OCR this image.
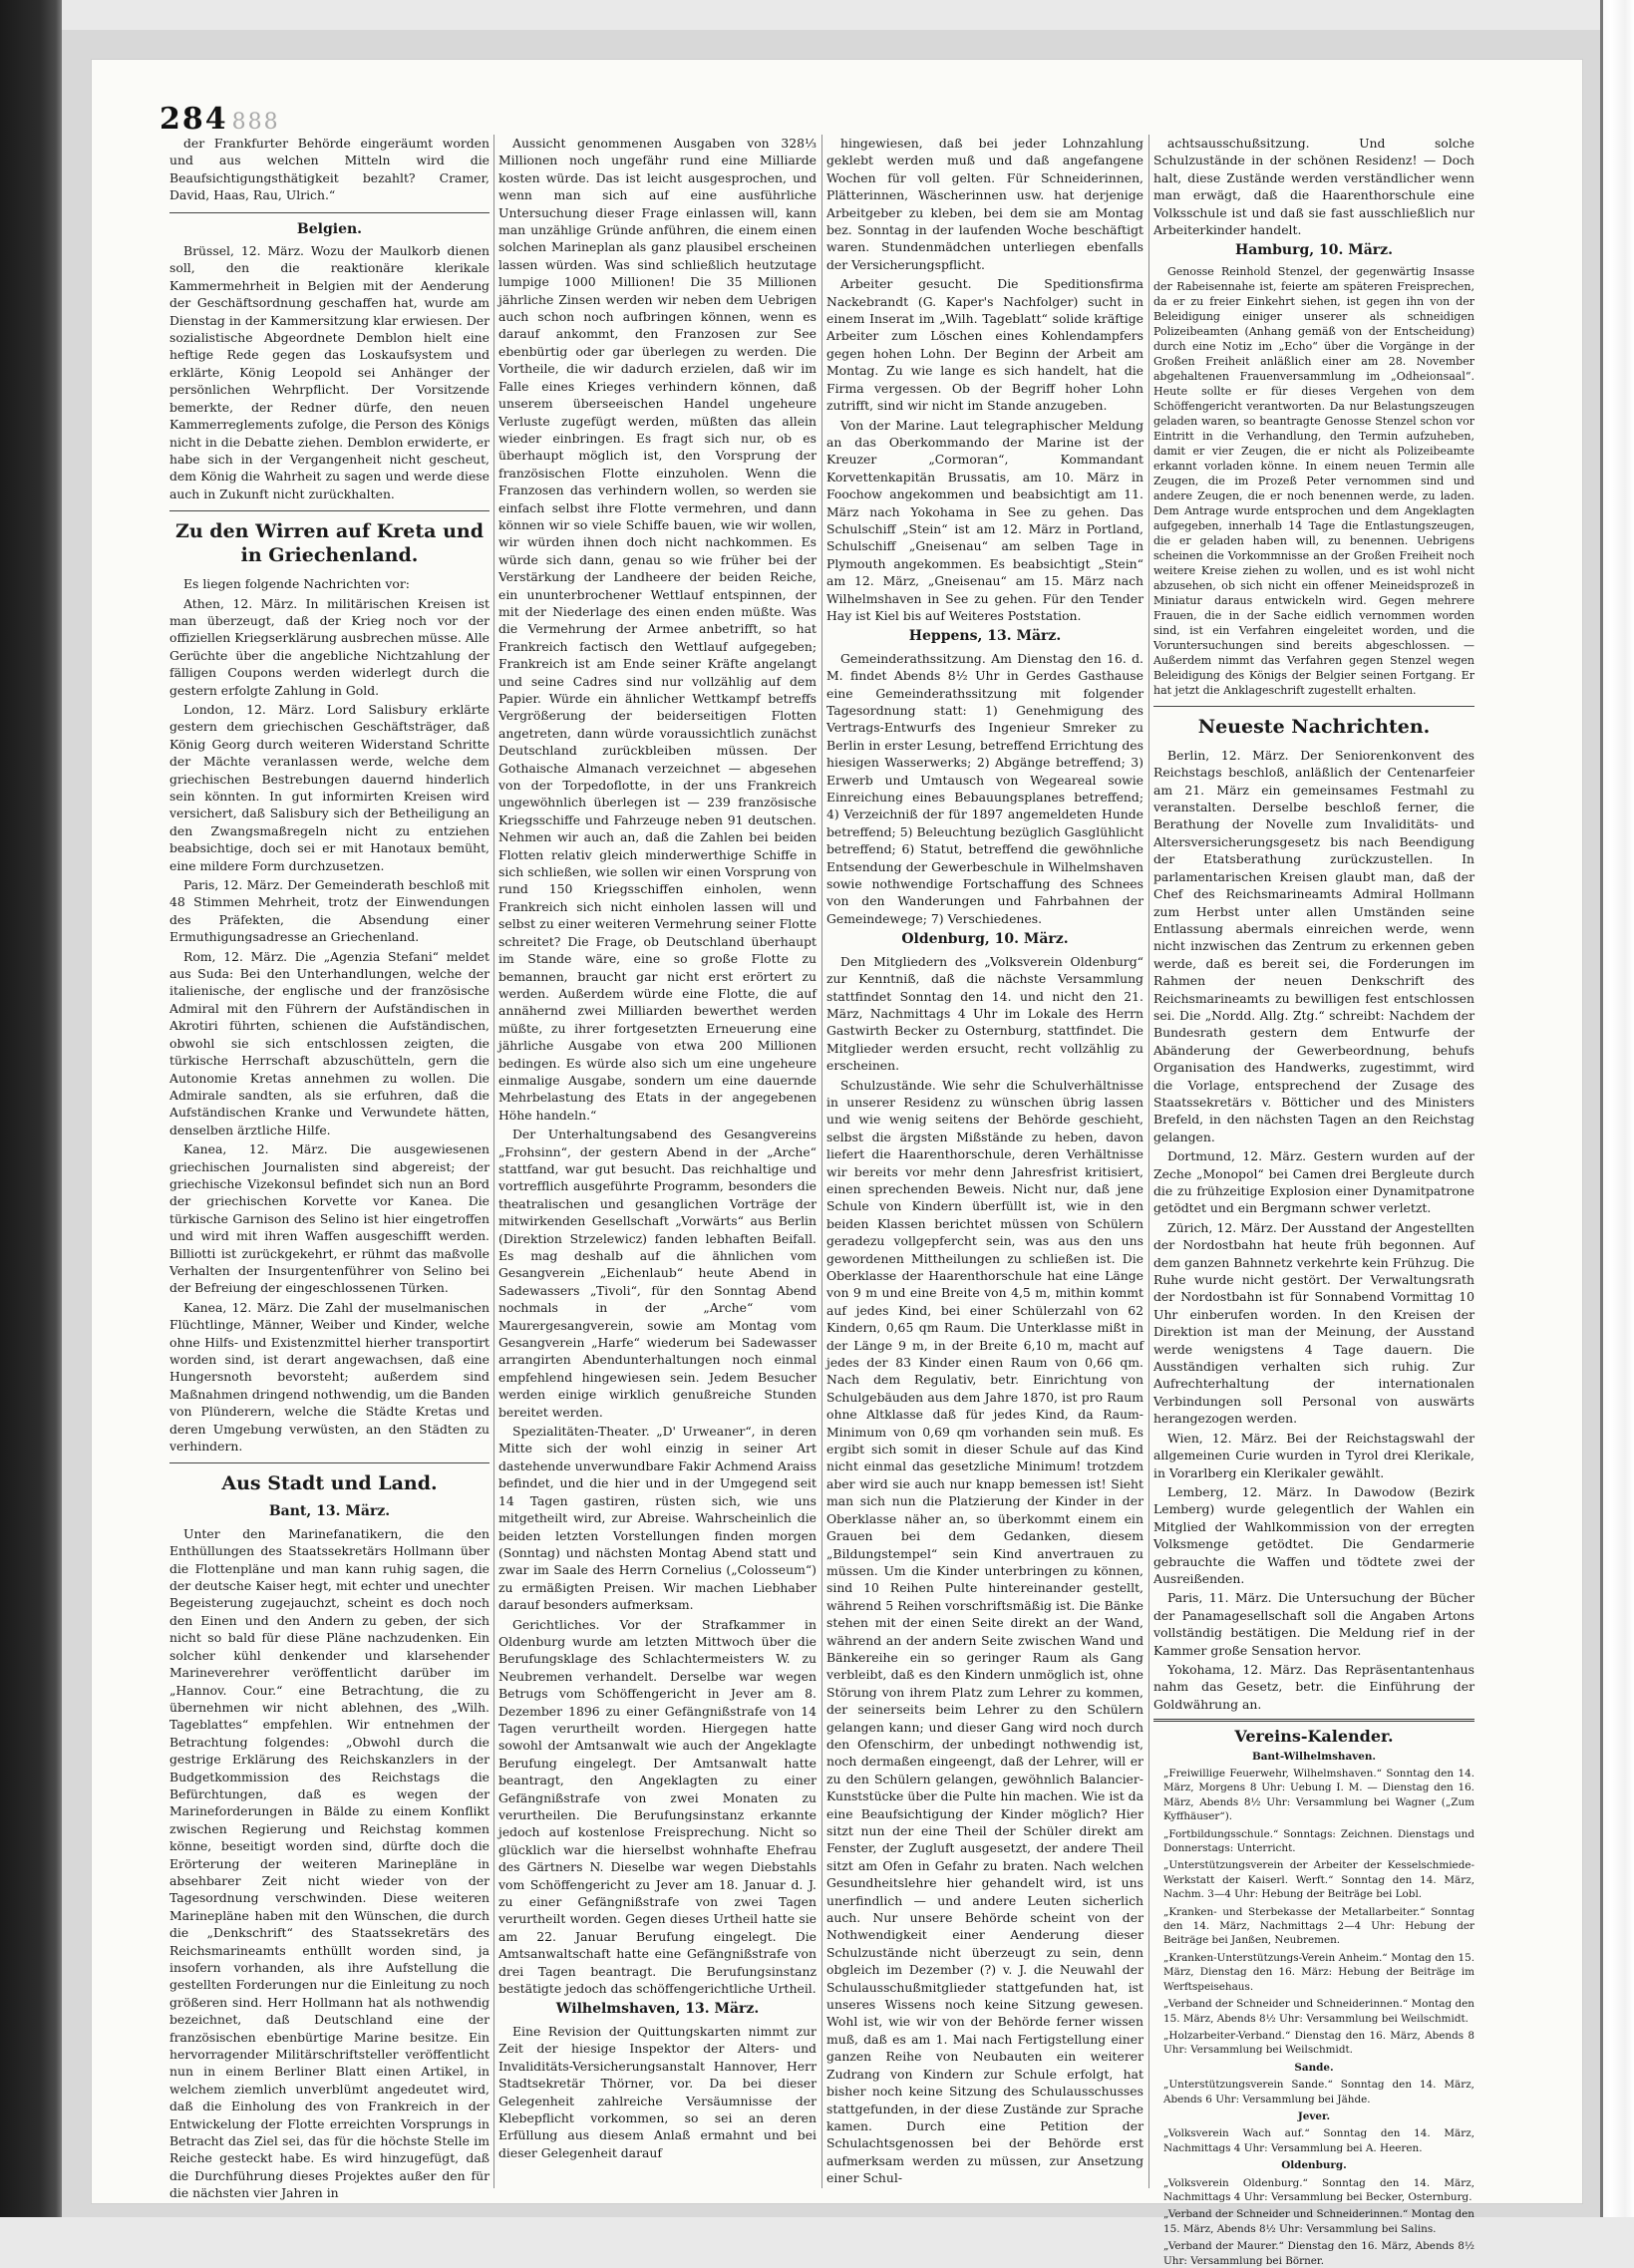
284 888

der Frankfurter Behörde eingeräumt worden und aus welchen Mitteln wird die Beaufsichtigungsthätigkeit bezahlt? Cramer, David, Haas, Rau, Ulrich.“

Belgien.

Brüssel, 12. März. Wozu der Maulkorb dienen soll, den die reaktionäre klerikale Kammermehrheit in Belgien mit der Aenderung der Geschäftsordnung geschaffen hat, wurde am Dienstag in der Kammersitzung klar erwiesen. Der sozialistische Abgeordnete Demblon hielt eine heftige Rede gegen das Loskaufsystem und erklärte, König Leopold sei Anhänger der persönlichen Wehrpflicht. Der Vorsitzende bemerkte, der Redner dürfe, den neuen Kammerreglements zufolge, die Person des Königs nicht in die Debatte ziehen. Demblon erwiderte, er habe sich in der Vergangenheit nicht gescheut, dem König die Wahrheit zu sagen und werde diese auch in Zukunft nicht zurückhalten.

Zu den Wirren auf Kreta und in Griechenland.

Es liegen folgende Nachrichten vor:

Athen, 12. März. In militärischen Kreisen ist man überzeugt, daß der Krieg noch vor der offiziellen Kriegserklärung ausbrechen müsse. Alle Gerüchte über die angebliche Nichtzahlung der fälligen Coupons werden widerlegt durch die gestern erfolgte Zahlung in Gold.

London, 12. März. Lord Salisbury erklärte gestern dem griechischen Geschäftsträger, daß König Georg durch weiteren Widerstand Schritte der Mächte veranlassen werde, welche dem griechischen Bestrebungen dauernd hinderlich sein könnten. In gut informirten Kreisen wird versichert, daß Salisbury sich der Betheiligung an den Zwangsmaßregeln nicht zu entziehen beabsichtige, doch sei er mit Hanotaux bemüht, eine mildere Form durchzusetzen.

Paris, 12. März. Der Gemeinderath beschloß mit 48 Stimmen Mehrheit, trotz der Einwendungen des Präfekten, die Absendung einer Ermuthigungsadresse an Griechenland.

Rom, 12. März. Die „Agenzia Stefani“ meldet aus Suda: Bei den Unterhandlungen, welche der italienische, der englische und der französische Admiral mit den Führern der Aufständischen in Akrotiri führten, schienen die Aufständischen, obwohl sie sich entschlossen zeigten, die türkische Herrschaft abzuschütteln, gern die Autonomie Kretas annehmen zu wollen. Die Admirale sandten, als sie erfuhren, daß die Aufständischen Kranke und Verwundete hätten, denselben ärztliche Hilfe.

Kanea, 12. März. Die ausgewiesenen griechischen Journalisten sind abgereist; der griechische Vizekonsul befindet sich nun an Bord der griechischen Korvette vor Kanea. Die türkische Garnison des Selino ist hier eingetroffen und wird mit ihren Waffen ausgeschifft werden. Billiotti ist zurückgekehrt, er rühmt das maßvolle Verhalten der Insurgentenführer von Selino bei der Befreiung der eingeschlossenen Türken.

Kanea, 12. März. Die Zahl der muselmanischen Flüchtlinge, Männer, Weiber und Kinder, welche ohne Hilfs- und Existenzmittel hierher transportirt worden sind, ist derart angewachsen, daß eine Hungersnoth bevorsteht; außerdem sind Maßnahmen dringend nothwendig, um die Banden von Plünderern, welche die Städte Kretas und deren Umgebung verwüsten, an den Städten zu verhindern.

Aus Stadt und Land.
Bant, 13. März.

Unter den Marinefanatikern, die den Enthüllungen des Staatssekretärs Hollmann über die Flottenpläne und man kann ruhig sagen, die der deutsche Kaiser hegt, mit echter und unechter Begeisterung zugejauchzt, scheint es doch noch den Einen und den Andern zu geben, der sich nicht so bald für diese Pläne nachzudenken. Ein solcher kühl denkender und klarsehender Marineverehrer veröffentlicht darüber im „Hannov. Cour.“ eine Betrachtung, die zu übernehmen wir nicht ablehnen, des „Wilh. Tageblattes“ empfehlen. Wir entnehmen der Betrachtung folgendes: „Obwohl durch die gestrige Erklärung des Reichskanzlers in der Budgetkommission des Reichstags die Befürchtungen, daß es wegen der Marineforderungen in Bälde zu einem Konflikt zwischen Regierung und Reichstag kommen könne, beseitigt worden sind, dürfte doch die Erörterung der weiteren Marinepläne in absehbarer Zeit nicht wieder von der Tagesordnung verschwinden. Diese weiteren Marinepläne haben mit den Wünschen, die durch die „Denkschrift“ des Staatssekretärs des Reichsmarineamts enthüllt worden sind, ja insofern vorhanden, als ihre Aufstellung die gestellten Forderungen nur die Einleitung zu noch größeren sind. Herr Hollmann hat als nothwendig bezeichnet, daß Deutschland eine der französischen ebenbürtige Marine besitze. Ein hervorragender Militärschriftsteller veröffentlicht nun in einem Berliner Blatt einen Artikel, in welchem ziemlich unverblümt angedeutet wird, daß die Einholung des von Frankreich in der Entwickelung der Flotte erreichten Vorsprungs in Betracht das Ziel sei, das für die höchste Stelle im Reiche gesteckt habe. Es wird hinzugefügt, daß die Durchführung dieses Projektes außer den für die nächsten vier Jahren in

Aussicht genommenen Ausgaben von 328⅓ Millionen noch ungefähr rund eine Milliarde kosten würde. Das ist leicht ausgesprochen, und wenn man sich auf eine ausführliche Untersuchung dieser Frage einlassen will, kann man unzählige Gründe anführen, die einem einen solchen Marineplan als ganz plausibel erscheinen lassen würden. Was sind schließlich heutzutage lumpige 1000 Millionen! Die 35 Millionen jährliche Zinsen werden wir neben dem Uebrigen auch schon noch aufbringen können, wenn es darauf ankommt, den Franzosen zur See ebenbürtig oder gar überlegen zu werden. Die Vortheile, die wir dadurch erzielen, daß wir im Falle eines Krieges verhindern können, daß unserem überseeischen Handel ungeheure Verluste zugefügt werden, müßten das allein wieder einbringen. Es fragt sich nur, ob es überhaupt möglich ist, den Vorsprung der französischen Flotte einzuholen. Wenn die Franzosen das verhindern wollen, so werden sie einfach selbst ihre Flotte vermehren, und dann können wir so viele Schiffe bauen, wie wir wollen, wir würden ihnen doch nicht nachkommen. Es würde sich dann, genau so wie früher bei der Verstärkung der Landheere der beiden Reiche, ein ununterbrochener Wettlauf entspinnen, der mit der Niederlage des einen enden müßte. Was die Vermehrung der Armee anbetrifft, so hat Frankreich factisch den Wettlauf aufgegeben; Frankreich ist am Ende seiner Kräfte angelangt und seine Cadres sind nur vollzählig auf dem Papier. Würde ein ähnlicher Wettkampf betreffs Vergrößerung der beiderseitigen Flotten angetreten, dann würde voraussichtlich zunächst Deutschland zurückbleiben müssen. Der Gothaische Almanach verzeichnet — abgesehen von der Torpedoflotte, in der uns Frankreich ungewöhnlich überlegen ist — 239 französische Kriegsschiffe und Fahrzeuge neben 91 deutschen. Nehmen wir auch an, daß die Zahlen bei beiden Flotten relativ gleich minderwerthige Schiffe in sich schließen, wie sollen wir einen Vorsprung von rund 150 Kriegsschiffen einholen, wenn Frankreich sich nicht einholen lassen will und selbst zu einer weiteren Vermehrung seiner Flotte schreitet? Die Frage, ob Deutschland überhaupt im Stande wäre, eine so große Flotte zu bemannen, braucht gar nicht erst erörtert zu werden. Außerdem würde eine Flotte, die auf annähernd zwei Milliarden bewerthet werden müßte, zu ihrer fortgesetzten Erneuerung eine jährliche Ausgabe von etwa 200 Millionen bedingen. Es würde also sich um eine ungeheure einmalige Ausgabe, sondern um eine dauernde Mehrbelastung des Etats in der angegebenen Höhe handeln.“

Der Unterhaltungsabend des Gesangvereins „Frohsinn“, der gestern Abend in der „Arche“ stattfand, war gut besucht. Das reichhaltige und vortrefflich ausgeführte Programm, besonders die theatralischen und gesanglichen Vorträge der mitwirkenden Gesellschaft „Vorwärts“ aus Berlin (Direktion Strzelewicz) fanden lebhaften Beifall. Es mag deshalb auf die ähnlichen vom Gesangverein „Eichenlaub“ heute Abend in Sadewassers „Tivoli“, für den Sonntag Abend nochmals in der „Arche“ vom Maurergesangverein, sowie am Montag vom Gesangverein „Harfe“ wiederum bei Sadewasser arrangirten Abendunterhaltungen noch einmal empfehlend hingewiesen sein. Jedem Besucher werden einige wirklich genußreiche Stunden bereitet werden.

Spezialitäten-Theater. „D' Urweaner“, in deren Mitte sich der wohl einzig in seiner Art dastehende unverwundbare Fakir Achmend Araiss befindet, und die hier und in der Umgegend seit 14 Tagen gastiren, rüsten sich, wie uns mitgetheilt wird, zur Abreise. Wahrscheinlich die beiden letzten Vorstellungen finden morgen (Sonntag) und nächsten Montag Abend statt und zwar im Saale des Herrn Cornelius („Colosseum“) zu ermäßigten Preisen. Wir machen Liebhaber darauf besonders aufmerksam.

Gerichtliches. Vor der Strafkammer in Oldenburg wurde am letzten Mittwoch über die Berufungsklage des Schlachtermeisters W. zu Neubremen verhandelt. Derselbe war wegen Betrugs vom Schöffengericht in Jever am 8. Dezember 1896 zu einer Gefängnißstrafe von 14 Tagen verurtheilt worden. Hiergegen hatte sowohl der Amtsanwalt wie auch der Angeklagte Berufung eingelegt. Der Amtsanwalt hatte beantragt, den Angeklagten zu einer Gefängnißstrafe von zwei Monaten zu verurtheilen. Die Berufungsinstanz erkannte jedoch auf kostenlose Freisprechung. Nicht so glücklich war die hierselbst wohnhafte Ehefrau des Gärtners N. Dieselbe war wegen Diebstahls vom Schöffengericht zu Jever am 18. Januar d. J. zu einer Gefängnißstrafe von zwei Tagen verurtheilt worden. Gegen dieses Urtheil hatte sie am 22. Januar Berufung eingelegt. Die Amtsanwaltschaft hatte eine Gefängnißstrafe von drei Tagen beantragt. Die Berufungsinstanz bestätigte jedoch das schöffengerichtliche Urtheil.

Wilhelmshaven, 13. März.

Eine Revision der Quittungskarten nimmt zur Zeit der hiesige Inspektor der Alters- und Invaliditäts-Versicherungsanstalt Hannover, Herr Stadtsekretär Thörner, vor. Da bei dieser Gelegenheit zahlreiche Versäumnisse der Klebepflicht vorkommen, so sei an deren Erfüllung aus diesem Anlaß ermahnt und bei dieser Gelegenheit darauf

hingewiesen, daß bei jeder Lohnzahlung geklebt werden muß und daß angefangene Wochen für voll gelten. Für Schneiderinnen, Plätterinnen, Wäscherinnen usw. hat derjenige Arbeitgeber zu kleben, bei dem sie am Montag bez. Sonntag in der laufenden Woche beschäftigt waren. Stundenmädchen unterliegen ebenfalls der Versicherungspflicht.

Arbeiter gesucht. Die Speditionsfirma Nackebrandt (G. Kaper's Nachfolger) sucht in einem Inserat im „Wilh. Tageblatt“ solide kräftige Arbeiter zum Löschen eines Kohlendampfers gegen hohen Lohn. Der Beginn der Arbeit am Montag. Zu wie lange es sich handelt, hat die Firma vergessen. Ob der Begriff hoher Lohn zutrifft, sind wir nicht im Stande anzugeben.

Von der Marine. Laut telegraphischer Meldung an das Oberkommando der Marine ist der Kreuzer „Cormoran“, Kommandant Korvettenkapitän Brussatis, am 10. März in Foochow angekommen und beabsichtigt am 11. März nach Yokohama in See zu gehen. Das Schulschiff „Stein“ ist am 12. März in Portland, Schulschiff „Gneisenau“ am selben Tage in Plymouth angekommen. Es beabsichtigt „Stein“ am 12. März, „Gneisenau“ am 15. März nach Wilhelmshaven in See zu gehen. Für den Tender Hay ist Kiel bis auf Weiteres Poststation.

Heppens, 13. März.

Gemeinderathssitzung. Am Dienstag den 16. d. M. findet Abends 8½ Uhr in Gerdes Gasthause eine Gemeinderathssitzung mit folgender Tagesordnung statt: 1) Genehmigung des Vertrags-Entwurfs des Ingenieur Smreker zu Berlin in erster Lesung, betreffend Errichtung des hiesigen Wasserwerks; 2) Abgänge betreffend; 3) Erwerb und Umtausch von Wegeareal sowie Einreichung eines Bebauungsplanes betreffend; 4) Verzeichniß der für 1897 angemeldeten Hunde betreffend; 5) Beleuchtung bezüglich Gasglühlicht betreffend; 6) Statut, betreffend die gewöhnliche Entsendung der Gewerbeschule in Wilhelmshaven sowie nothwendige Fortschaffung des Schnees von den Wanderungen und Fahrbahnen der Gemeindewege; 7) Verschiedenes.

Oldenburg, 10. März.

Den Mitgliedern des „Volksverein Oldenburg“ zur Kenntniß, daß die nächste Versammlung stattfindet Sonntag den 14. und nicht den 21. März, Nachmittags 4 Uhr im Lokale des Herrn Gastwirth Becker zu Osternburg, stattfindet. Die Mitglieder werden ersucht, recht vollzählig zu erscheinen.

Schulzustände. Wie sehr die Schulverhältnisse in unserer Residenz zu wünschen übrig lassen und wie wenig seitens der Behörde geschieht, selbst die ärgsten Mißstände zu heben, davon liefert die Haarenthorschule, deren Verhältnisse wir bereits vor mehr denn Jahresfrist kritisiert, einen sprechenden Beweis. Nicht nur, daß jene Schule von Kindern überfüllt ist, wie in den beiden Klassen berichtet müssen von Schülern geradezu vollgepfercht sein, was aus den uns gewordenen Mittheilungen zu schließen ist. Die Oberklasse der Haarenthorschule hat eine Länge von 9 m und eine Breite von 4,5 m, mithin kommt auf jedes Kind, bei einer Schülerzahl von 62 Kindern, 0,65 qm Raum. Die Unterklasse mißt in der Länge 9 m, in der Breite 6,10 m, macht auf jedes der 83 Kinder einen Raum von 0,66 qm. Nach dem Regulativ, betr. Einrichtung von Schulgebäuden aus dem Jahre 1870, ist pro Raum ohne Altklasse daß für jedes Kind, da Raum-Minimum von 0,69 qm vorhanden sein muß. Es ergibt sich somit in dieser Schule auf das Kind nicht einmal das gesetzliche Minimum! trotzdem aber wird sie auch nur knapp bemessen ist! Sieht man sich nun die Platzierung der Kinder in der Oberklasse näher an, so überkommt einem ein Grauen bei dem Gedanken, diesem „Bildungstempel“ sein Kind anvertrauen zu müssen. Um die Kinder unterbringen zu können, sind 10 Reihen Pulte hintereinander gestellt, während 5 Reihen vorschriftsmäßig ist. Die Bänke stehen mit der einen Seite direkt an der Wand, während an der andern Seite zwischen Wand und Bänkereihe ein so geringer Raum als Gang verbleibt, daß es den Kindern unmöglich ist, ohne Störung von ihrem Platz zum Lehrer zu kommen, der seinerseits beim Lehrer zu den Schülern gelangen kann; und dieser Gang wird noch durch den Ofenschirm, der unbedingt nothwendig ist, noch dermaßen eingeengt, daß der Lehrer, will er zu den Schülern gelangen, gewöhnlich Balancier-Kunststücke über die Pulte hin machen. Wie ist da eine Beaufsichtigung der Kinder möglich? Hier sitzt nun der eine Theil der Schüler direkt am Fenster, der Zugluft ausgesetzt, der andere Theil sitzt am Ofen in Gefahr zu braten. Nach welchen Gesundheitslehre hier gehandelt wird, ist uns unerfindlich — und andere Leuten sicherlich auch. Nur unsere Behörde scheint von der Nothwendigkeit einer Aenderung dieser Schulzustände nicht überzeugt zu sein, denn obgleich im Dezember (?) v. J. die Neuwahl der Schulausschußmitglieder stattgefunden hat, ist unseres Wissens noch keine Sitzung gewesen. Wohl ist, wie wir von der Behörde ferner wissen muß, daß es am 1. Mai nach Fertigstellung einer ganzen Reihe von Neubauten ein weiterer Zudrang von Kindern zur Schule erfolgt, hat bisher noch keine Sitzung des Schulausschusses stattgefunden, in der diese Zustände zur Sprache kamen. Durch eine Petition der Schulachtsgenossen bei der Behörde erst aufmerksam werden zu müssen, zur Ansetzung einer Schul-

achtsausschußsitzung. Und solche Schulzustände in der schönen Residenz! — Doch halt, diese Zustände werden verständlicher wenn man erwägt, daß die Haarenthorschule eine Volksschule ist und daß sie fast ausschließlich nur Arbeiterkinder handelt.

Hamburg, 10. März.

Genosse Reinhold Stenzel, der gegenwärtig Insasse der Rabeisennahe ist, feierte am späteren Freisprechen, da er zu freier Einkehrt siehen, ist gegen ihn von der Beleidigung einiger unserer als schneidigen Polizeibeamten (Anhang gemäß von der Entscheidung) durch eine Notiz im „Echo“ über die Vorgänge in der Großen Freiheit anläßlich einer am 28. November abgehaltenen Frauenversammlung im „Odheionsaal“. Heute sollte er für dieses Vergehen von dem Schöffengericht verantworten. Da nur Belastungszeugen geladen waren, so beantragte Genosse Stenzel schon vor Eintritt in die Verhandlung, den Termin aufzuheben, damit er vier Zeugen, die er nicht als Polizeibeamte erkannt vorladen könne. In einem neuen Termin alle Zeugen, die im Prozeß Peter vernommen sind und andere Zeugen, die er noch benennen werde, zu laden. Dem Antrage wurde entsprochen und dem Angeklagten aufgegeben, innerhalb 14 Tage die Entlastungszeugen, die er geladen haben will, zu benennen. Uebrigens scheinen die Vorkommnisse an der Großen Freiheit noch weitere Kreise ziehen zu wollen, und es ist wohl nicht abzusehen, ob sich nicht ein offener Meineidsprozeß in Miniatur daraus entwickeln wird. Gegen mehrere Frauen, die in der Sache eidlich vernommen worden sind, ist ein Verfahren eingeleitet worden, und die Voruntersuchungen sind bereits abgeschlossen. — Außerdem nimmt das Verfahren gegen Stenzel wegen Beleidigung des Königs der Belgier seinen Fortgang. Er hat jetzt die Anklageschrift zugestellt erhalten.

Neueste Nachrichten.

Berlin, 12. März. Der Seniorenkonvent des Reichstags beschloß, anläßlich der Centenarfeier am 21. März ein gemeinsames Festmahl zu veranstalten. Derselbe beschloß ferner, die Berathung der Novelle zum Invaliditäts- und Altersversicherungsgesetz bis nach Beendigung der Etatsberathung zurückzustellen. In parlamentarischen Kreisen glaubt man, daß der Chef des Reichsmarineamts Admiral Hollmann zum Herbst unter allen Umständen seine Entlassung abermals einreichen werde, wenn nicht inzwischen das Zentrum zu erkennen geben werde, daß es bereit sei, die Forderungen im Rahmen der neuen Denkschrift des Reichsmarineamts zu bewilligen fest entschlossen sei. Die „Nordd. Allg. Ztg.“ schreibt: Nachdem der Bundesrath gestern dem Entwurfe der Abänderung der Gewerbeordnung, behufs Organisation des Handwerks, zugestimmt, wird die Vorlage, entsprechend der Zusage des Staatssekretärs v. Bötticher und des Ministers Brefeld, in den nächsten Tagen an den Reichstag gelangen.

Dortmund, 12. März. Gestern wurden auf der Zeche „Monopol“ bei Camen drei Bergleute durch die zu frühzeitige Explosion einer Dynamitpatrone getödtet und ein Bergmann schwer verletzt.

Zürich, 12. März. Der Ausstand der Angestellten der Nordostbahn hat heute früh begonnen. Auf dem ganzen Bahnnetz verkehrte kein Frühzug. Die Ruhe wurde nicht gestört. Der Verwaltungsrath der Nordostbahn ist für Sonnabend Vormittag 10 Uhr einberufen worden. In den Kreisen der Direktion ist man der Meinung, der Ausstand werde wenigstens 4 Tage dauern. Die Ausständigen verhalten sich ruhig. Zur Aufrechterhaltung der internationalen Verbindungen soll Personal von auswärts herangezogen werden.

Wien, 12. März. Bei der Reichstagswahl der allgemeinen Curie wurden in Tyrol drei Klerikale, in Vorarlberg ein Klerikaler gewählt.

Lemberg, 12. März. In Dawodow (Bezirk Lemberg) wurde gelegentlich der Wahlen ein Mitglied der Wahlkommission von der erregten Volksmenge getödtet. Die Gendarmerie gebrauchte die Waffen und tödtete zwei der Ausreißenden.

Paris, 11. März. Die Untersuchung der Bücher der Panamagesellschaft soll die Angaben Artons vollständig bestätigen. Die Meldung rief in der Kammer große Sensation hervor.

Yokohama, 12. März. Das Repräsentantenhaus nahm das Gesetz, betr. die Einführung der Goldwährung an.

Vereins-Kalender.

Bant-Wilhelmshaven.

„Freiwillige Feuerwehr, Wilhelmshaven.“ Sonntag den 14. März, Morgens 8 Uhr: Uebung I. M. — Dienstag den 16. März, Abends 8½ Uhr: Versammlung bei Wagner („Zum Kyffhäuser“).

„Fortbildungsschule.“ Sonntags: Zeichnen. Dienstags und Donnerstags: Unterricht.

„Unterstützungsverein der Arbeiter der Kesselschmiede-Werkstatt der Kaiserl. Werft.“ Sonntag den 14. März, Nachm. 3—4 Uhr: Hebung der Beiträge bei Lobl.

„Kranken- und Sterbekasse der Metallarbeiter.“ Sonntag den 14. März, Nachmittags 2—4 Uhr: Hebung der Beiträge bei Janßen, Neubremen.

„Kranken-Unterstützungs-Verein Anheim.“ Montag den 15. März, Dienstag den 16. März: Hebung der Beiträge im Werftspeisehaus.

„Verband der Schneider und Schneiderinnen.“ Montag den 15. März, Abends 8½ Uhr: Versammlung bei Weilschmidt.

„Holzarbeiter-Verband.“ Dienstag den 16. März, Abends 8 Uhr: Versammlung bei Weilschmidt.

Sande.

„Unterstützungsverein Sande.“ Sonntag den 14. März, Abends 6 Uhr: Versammlung bei Jähde.

Jever.

„Volksverein Wach auf.“ Sonntag den 14. März, Nachmittags 4 Uhr: Versammlung bei A. Heeren.

Oldenburg.

„Volksverein Oldenburg.“ Sonntag den 14. März, Nachmittags 4 Uhr: Versammlung bei Becker, Osternburg.

„Verband der Schneider und Schneiderinnen.“ Montag den 15. März, Abends 8½ Uhr: Versammlung bei Salins.

„Verband der Maurer.“ Dienstag den 16. März, Abends 8½ Uhr: Versammlung bei Börner.
